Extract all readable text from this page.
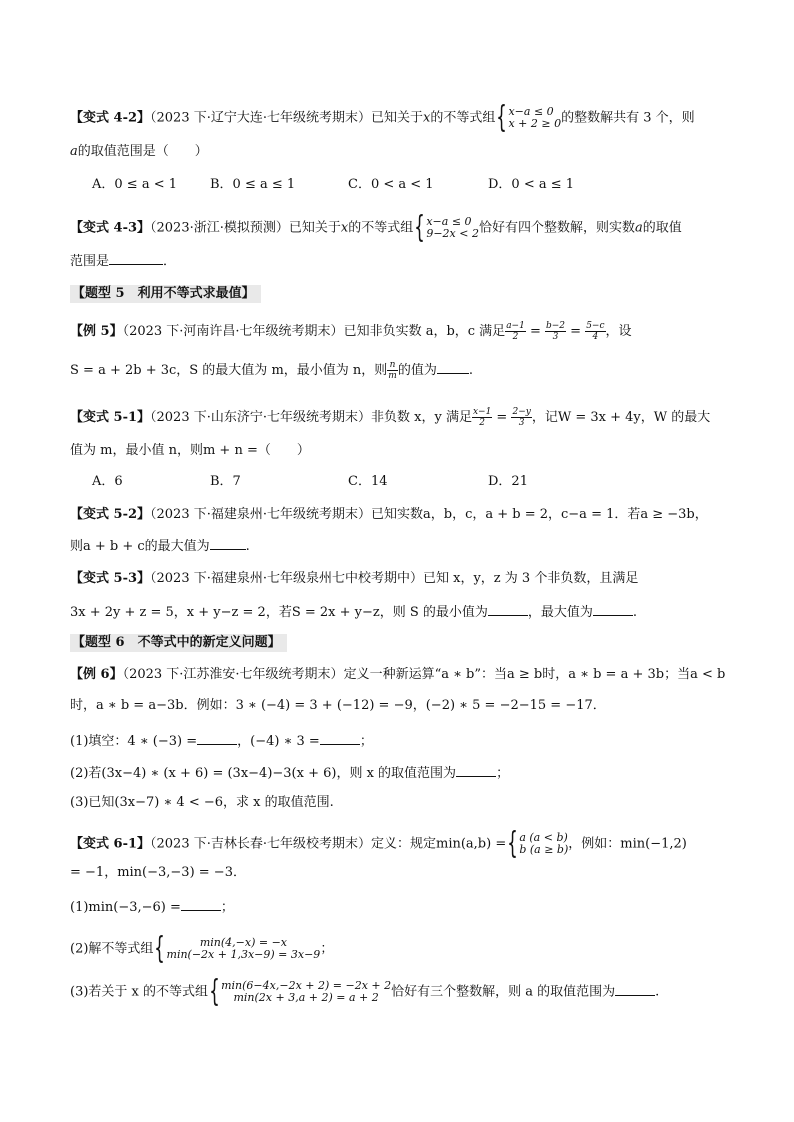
【变式 4-2】（2023 下·辽宁大连·七年级统考期末）已知关于x的不等式组{ x−a ≤ 0
x + 2 ≥ 0 的整数解共有 3 个，则
a的取值范围是（　　）
A．0 ≤ a < 1	B．0 ≤ a ≤ 1	C．0 < a < 1	D．0 < a ≤ 1
【变式 4-3】（2023·浙江·模拟预测）已知关于x的不等式组{ x−a ≤ 0
9−2x < 2 恰好有四个整数解，则实数a的取值
范围是	．
【题型 5　利用不等式求最值】
【例 5】（2023 下·河南许昌·七年级统考期末）已知非负实数 a，b，c 满足 $\frac{a-1}{2} = \frac{b-2}{3} = \frac{5-c}{4}$ ，设
S = a + 2b + 3c，S 的最大值为 m，最小值为 n，则 $\frac{n}{m}$ 的值为 .
【变式 5-1】（2023 下·山东济宁·七年级统考期末）非负数 x，y 满足 $\frac{x-1}{2} = \frac{2-y}{3}$ ，记W = 3x + 4y，W 的最大
值为 m，最小值 n，则m + n =（　　）
A．6	B．7	C．14	D．21
【变式 5-2】（2023 下·福建泉州·七年级统考期末）已知实数a，b，c，a + b = 2，c−a = 1．若a ≥ −3b，
则a + b + c的最大值为	.
【变式 5-3】（2023 下·福建泉州·七年级泉州七中校考期中）已知 x，y，z 为 3 个非负数，且满足
3x + 2y + z = 5，x + y−z = 2，若S = 2x + y−z，则 S 的最小值为	，最大值为	.
【题型 6　不等式中的新定义问题】
【例 6】（2023 下·江苏淮安·七年级统考期末）定义一种新运算“a ∗ b”：当a ≥ b时，a ∗ b = a + 3b；当a < b
时，a ∗ b = a−3b．例如：3 ∗ (−4) = 3 + (−12) = −9，(−2) ∗ 5 = −2−15 = −17．
(1)填空：4 ∗ (−3) =	，(−4) ∗ 3 =	；
(2)若(3x−4) ∗ (x + 6) = (3x−4)−3(x + 6)，则 x 的取值范围为	；
(3)已知(3x−7) ∗ 4 < −6，求 x 的取值范围.
【变式 6-1】（2023 下·吉林长春·七年级校考期末）定义：规定min(a,b) ={ a (a < b)
b (a ≥ b) ，例如：min(−1,2)
= −1，min(−3,−3) = −3．
(1)min(−3,−6) =	；
(2)解不等式组{	min(4,−x) = −x
min(−2x + 1,3x−9) = 3x−9 ；
(3)若关于 x 的不等式组{ min(6−4x,−2x + 2) = −2x + 2
min(2x + 3,a + 2) = a + 2 恰好有三个整数解，则 a 的取值范围为	.
